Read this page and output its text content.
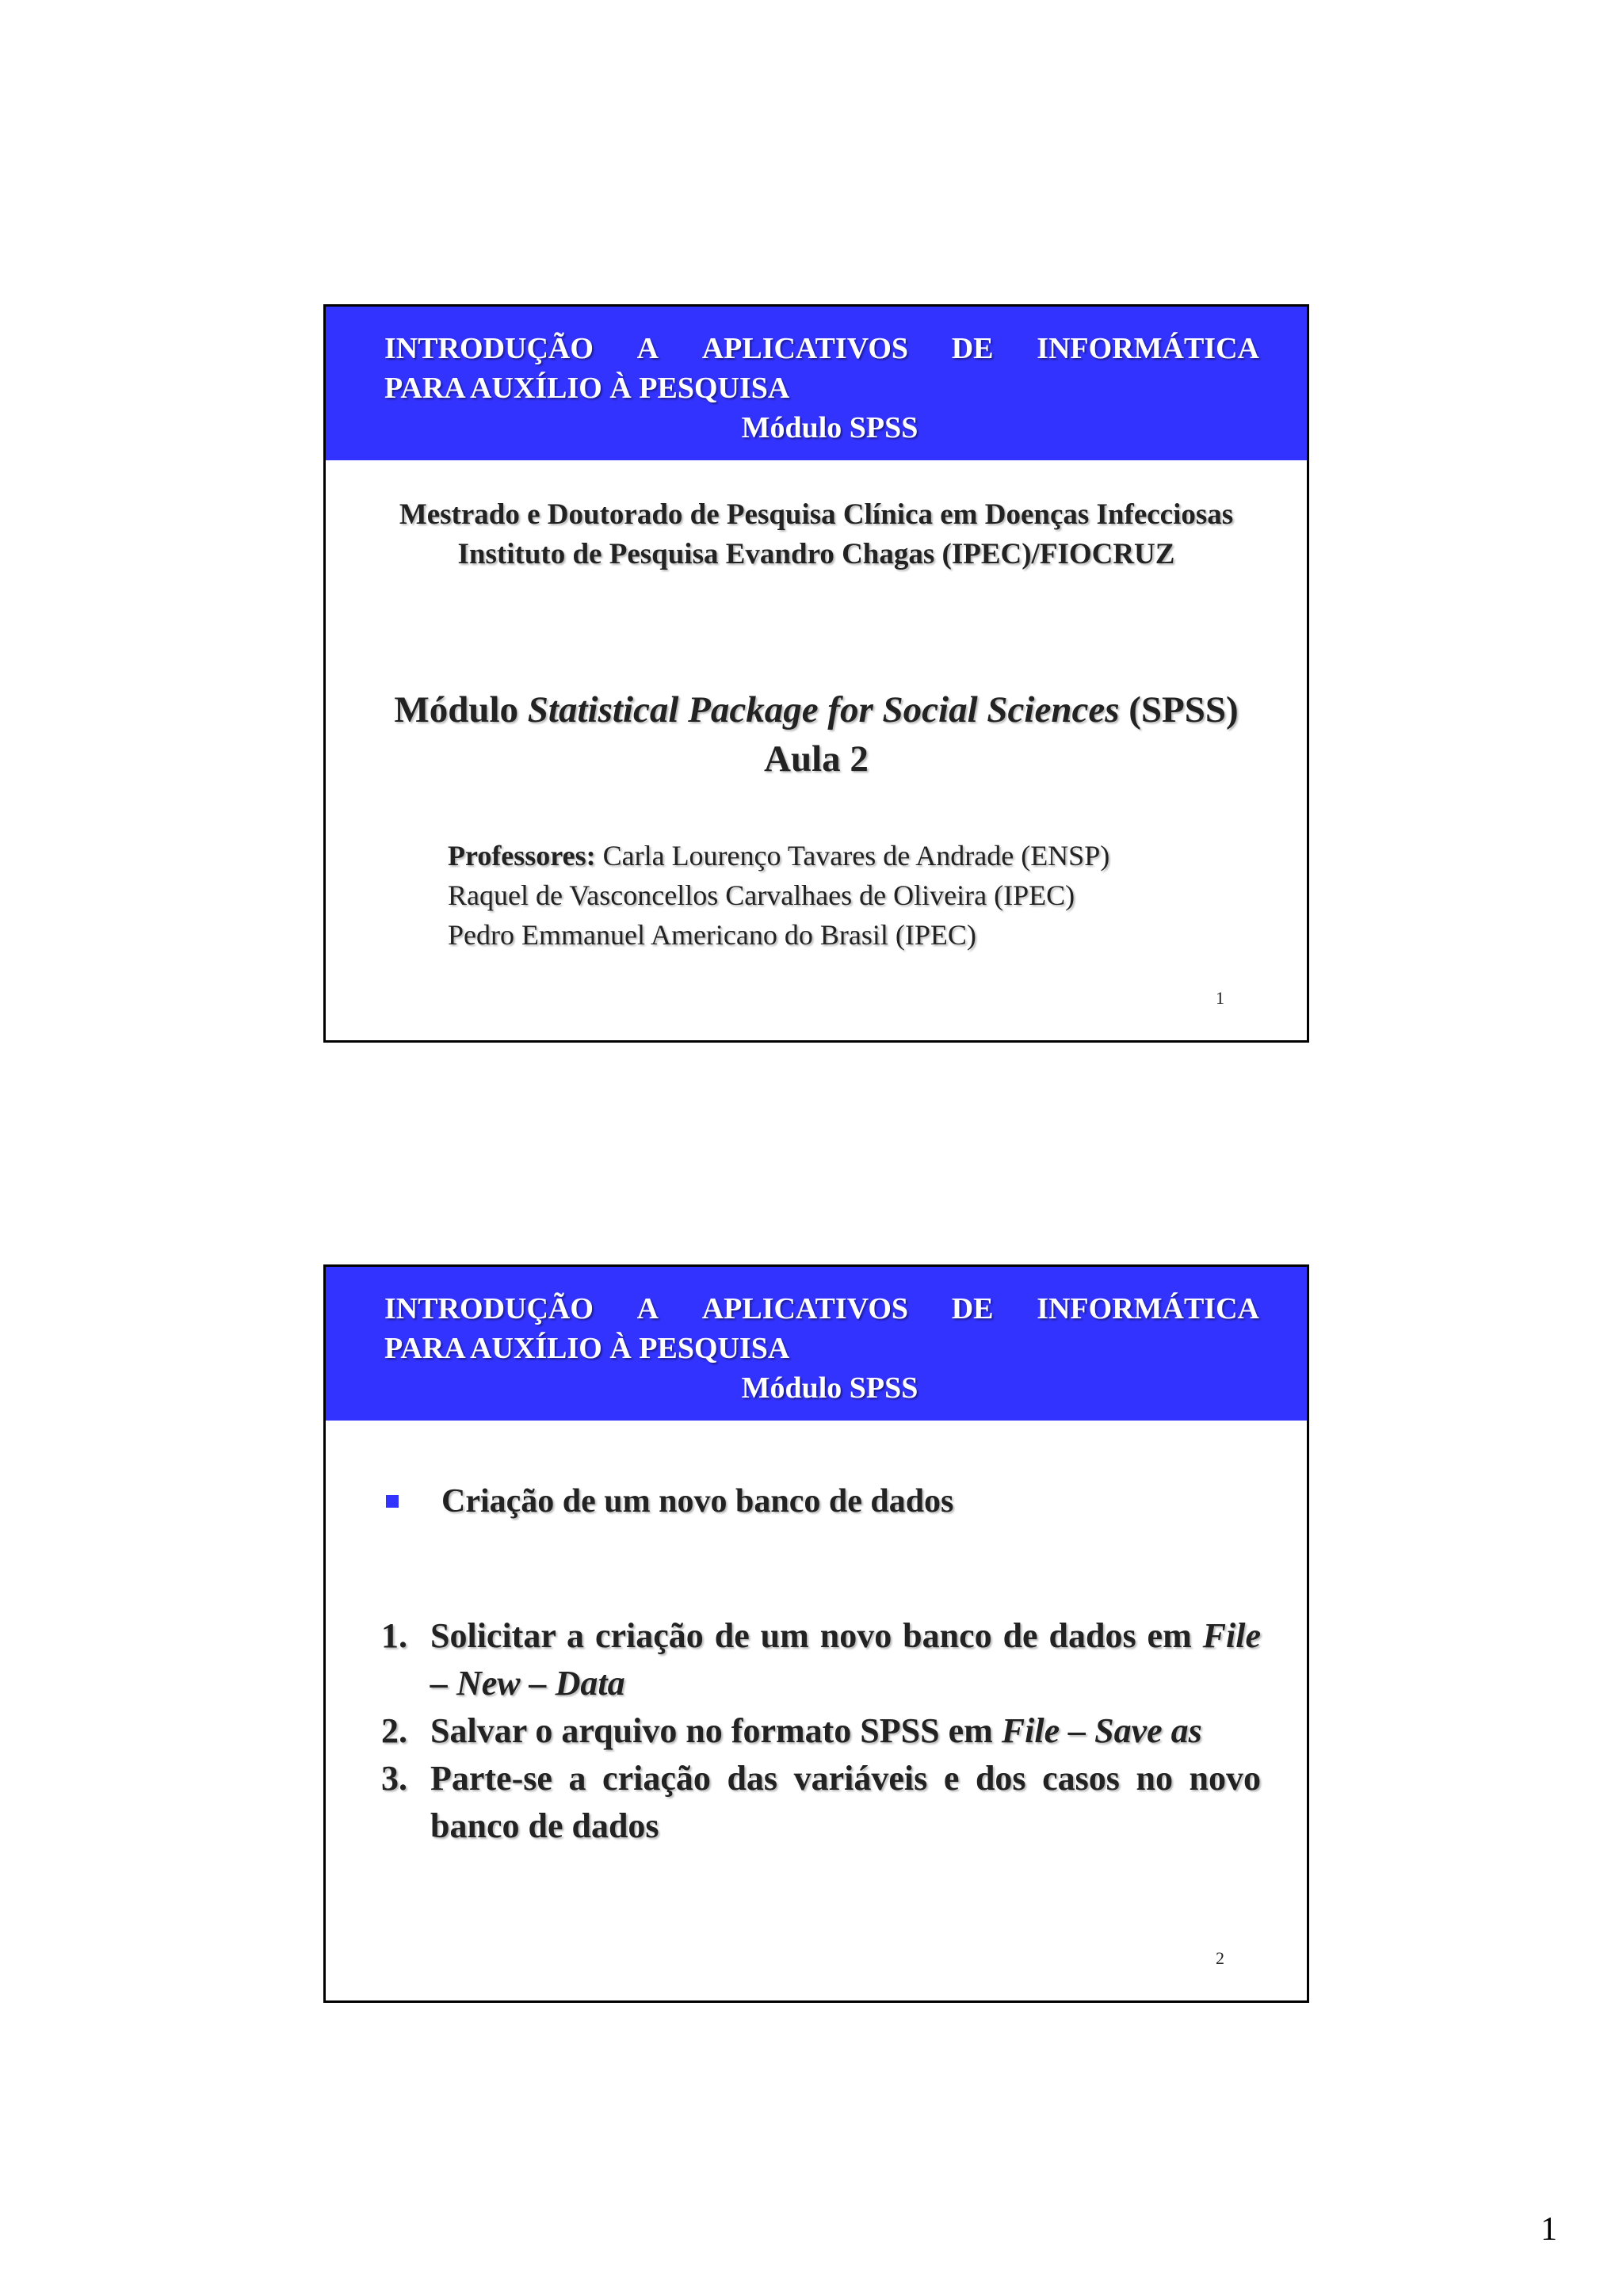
INTRODUÇÃO A APLICATIVOS DE INFORMÁTICA
PARA AUXÍLIO À PESQUISA
Módulo SPSS
Mestrado e Doutorado de Pesquisa Clínica em Doenças Infecciosas
Instituto de Pesquisa Evandro Chagas (IPEC)/FIOCRUZ
Módulo Statistical Package for Social Sciences (SPSS)
Aula 2
Professores: Carla Lourenço Tavares de Andrade (ENSP)
Raquel de Vasconcellos Carvalhaes de Oliveira (IPEC)
Pedro Emmanuel Americano do Brasil (IPEC)
1
INTRODUÇÃO A APLICATIVOS DE INFORMÁTICA
PARA AUXÍLIO À PESQUISA
Módulo SPSS
Criação de um novo banco de dados
1. Solicitar a criação de um novo banco de dados em File – New – Data
2. Salvar o arquivo no formato SPSS em File – Save as
3. Parte-se a criação das variáveis e dos casos no novo banco de dados
2
1
